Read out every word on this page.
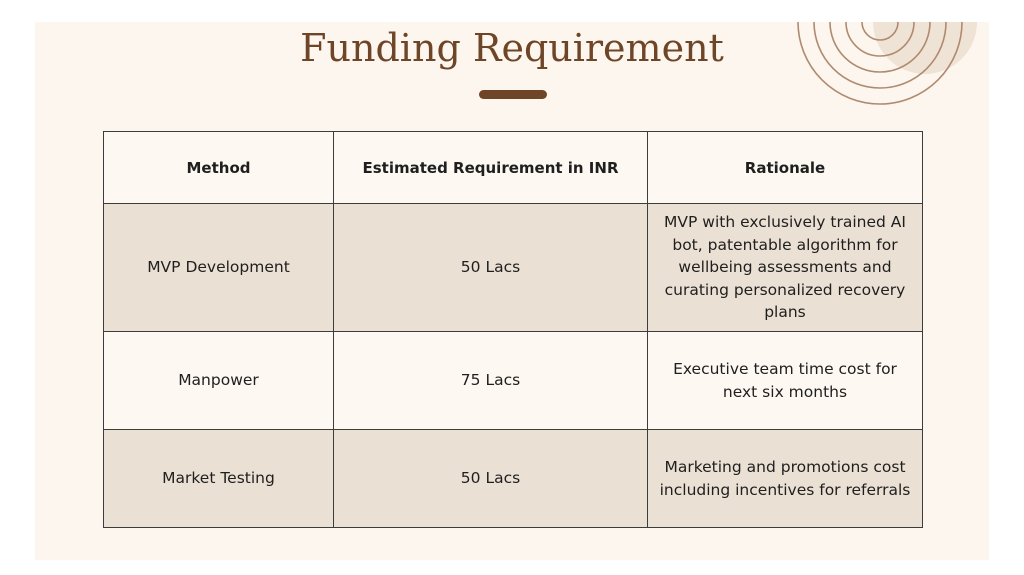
Funding Requirement
Method	Estimated Requirement in INR	Rationale
MVP Development	50 Lacs	MVP with exclusively trained AI bot, patentable algorithm for wellbeing assessments and curating personalized recovery plans
Manpower	75 Lacs	Executive team time cost for next six months
Market Testing	50 Lacs	Marketing and promotions cost including incentives for referrals
